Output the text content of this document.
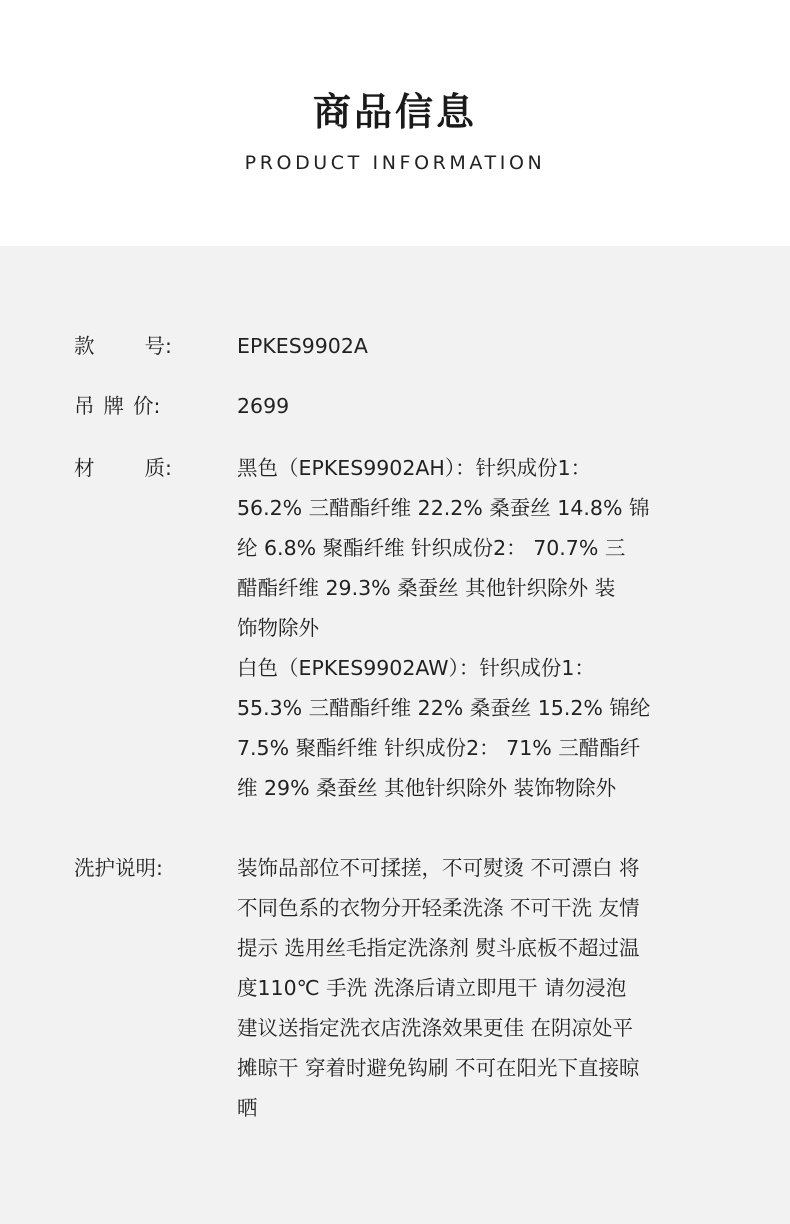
商品信息
PRODUCT INFORMATION
款 号:	EPKES9902A
吊 牌 价:	2699
材 质:	黑色（EPKES9902AH）：针织成份1：
56.2% 三醋酯纤维 22.2% 桑蚕丝 14.8% 锦
纶 6.8% 聚酯纤维 针织成份2： 70.7% 三
醋酯纤维 29.3% 桑蚕丝 其他针织除外 装
饰物除外
白色（EPKES9902AW）：针织成份1：
55.3% 三醋酯纤维 22% 桑蚕丝 15.2% 锦纶
7.5% 聚酯纤维 针织成份2： 71% 三醋酯纤
维 29% 桑蚕丝 其他针织除外 装饰物除外
洗护说明:	装饰品部位不可揉搓，不可熨烫 不可漂白 将
不同色系的衣物分开轻柔洗涤 不可干洗 友情
提示 选用丝毛指定洗涤剂 熨斗底板不超过温
度110℃ 手洗 洗涤后请立即甩干 请勿浸泡
建议送指定洗衣店洗涤效果更佳 在阴凉处平
摊晾干 穿着时避免钩刷 不可在阳光下直接晾
晒
